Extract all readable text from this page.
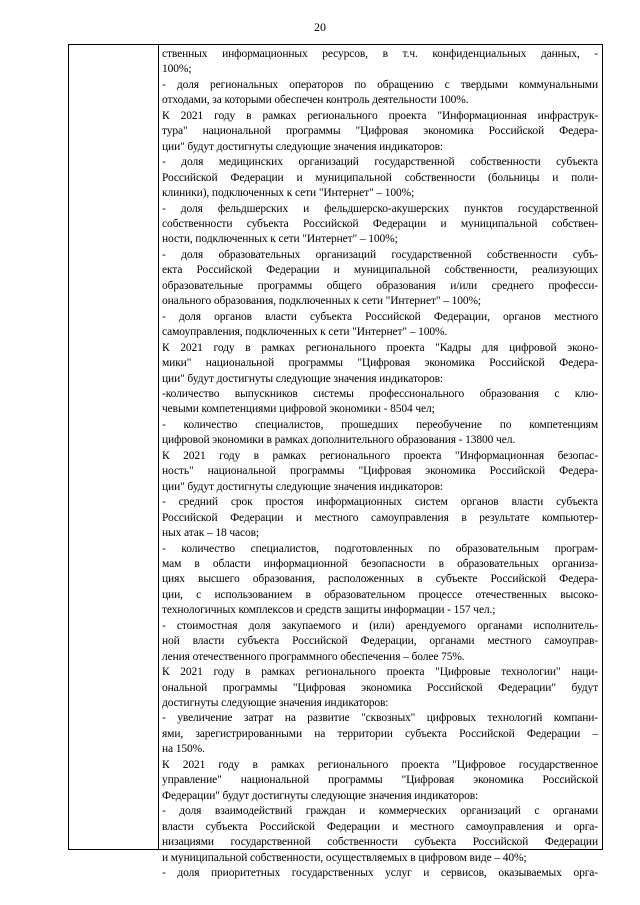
20
ственных информационных ресурсов, в т.ч. конфиденциальных данных, -
100%;
- доля региональных операторов по обращению с твердыми коммунальными
отходами, за которыми обеспечен контроль деятельности 100%.
К 2021 году в рамках регионального проекта "Информационная инфраструк-
тура" национальной программы "Цифровая экономика Российской Федера-
ции" будут достигнуты следующие значения индикаторов:
- доля медицинских организаций государственной собственности субъекта
Российской Федерации и муниципальной собственности (больницы и поли-
клиники), подключенных к сети "Интернет" – 100%;
- доля фельдшерских и фельдшерско-акушерских пунктов государственной
собственности субъекта Российской Федерации и муниципальной собствен-
ности, подключенных к сети "Интернет" – 100%;
- доля образовательных организаций государственной собственности субъ-
екта Российской Федерации и муниципальной собственности, реализующих
образовательные программы общего образования и/или среднего професси-
онального образования, подключенных к сети "Интернет" – 100%;
- доля органов власти субъекта Российской Федерации, органов местного
самоуправления, подключенных к сети "Интернет" – 100%.
К 2021 году в рамках регионального проекта "Кадры для цифровой эконо-
мики" национальной программы "Цифровая экономика Российской Федера-
ции" будут достигнуты следующие значения индикаторов:
-количество выпускников системы профессионального образования с клю-
чевыми компетенциями цифровой экономики - 8504 чел;
- количество специалистов, прошедших переобучение по компетенциям
цифровой экономики в рамках дополнительного образования - 13800 чел.
К 2021 году в рамках регионального проекта "Информационная безопас-
ность" национальной программы "Цифровая экономика Российской Федера-
ции" будут достигнуты следующие значения индикаторов:
- средний срок простоя информационных систем органов власти субъекта
Российской Федерации и местного самоуправления в результате компьютер-
ных атак – 18 часов;
- количество специалистов, подготовленных по образовательным програм-
мам в области информационной безопасности в образовательных организа-
циях высшего образования, расположенных в субъекте Российской Федера-
ции, с использованием в образовательном процессе отечественных высоко-
технологичных комплексов и средств защиты информации - 157 чел.;
- стоимостная доля закупаемого и (или) арендуемого органами исполнитель-
ной власти субъекта Российской Федерации, органами местного самоуправ-
ления отечественного программного обеспечения – более 75%.
К 2021 году в рамках регионального проекта "Цифровые технологии" наци-
ональной программы "Цифровая экономика Российской Федерации" будут
достигнуты следующие значения индикаторов:
- увеличение затрат на развитие "сквозных" цифровых технологий компани-
ями, зарегистрированными на территории субъекта Российской Федерации –
на 150%.
К 2021 году в рамках регионального проекта "Цифровое государственное
управление" национальной программы "Цифровая экономика Российской
Федерации" будут достигнуты следующие значения индикаторов:
- доля взаимодействий граждан и коммерческих организаций с органами
власти субъекта Российской Федерации и местного самоуправления и орга-
низациями государственной собственности субъекта Российской Федерации
и муниципальной собственности, осуществляемых в цифровом виде – 40%;
- доля приоритетных государственных услуг и сервисов, оказываемых орга-
